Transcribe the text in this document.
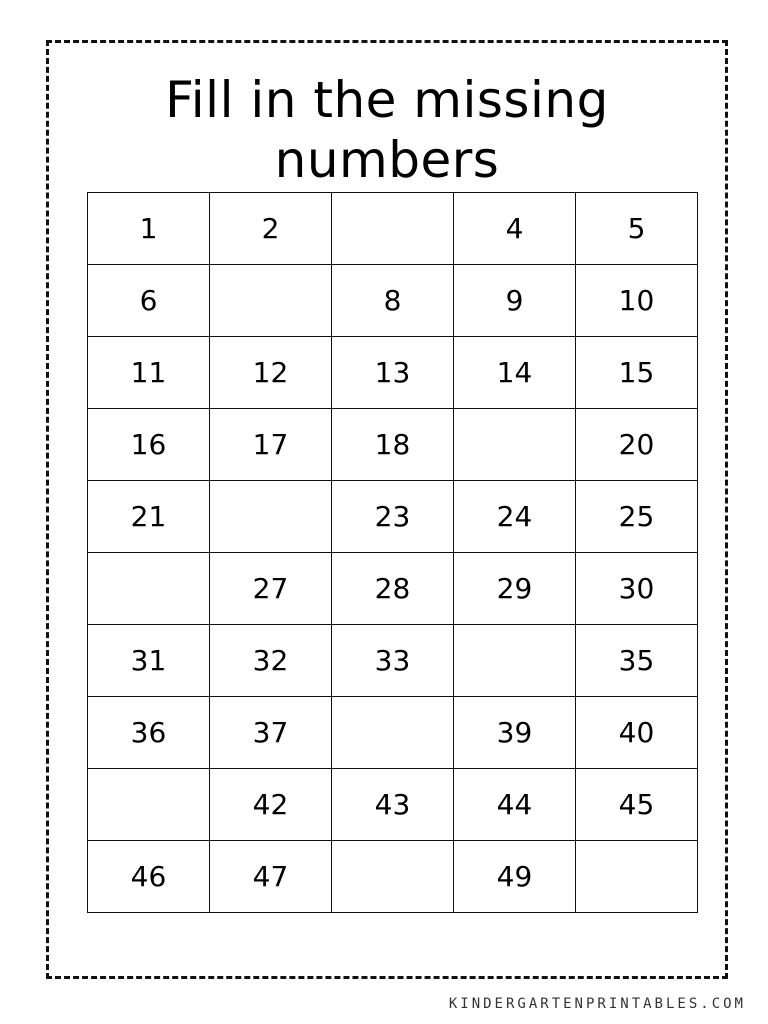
Fill in the missing
numbers
1	2		4	5
6		8	9	10
11	12	13	14	15
16	17	18		20
21		23	24	25
	27	28	29	30
31	32	33		35
36	37		39	40
	42	43	44	45
46	47		49	
KINDERGARTENPRINTABLES.COM
